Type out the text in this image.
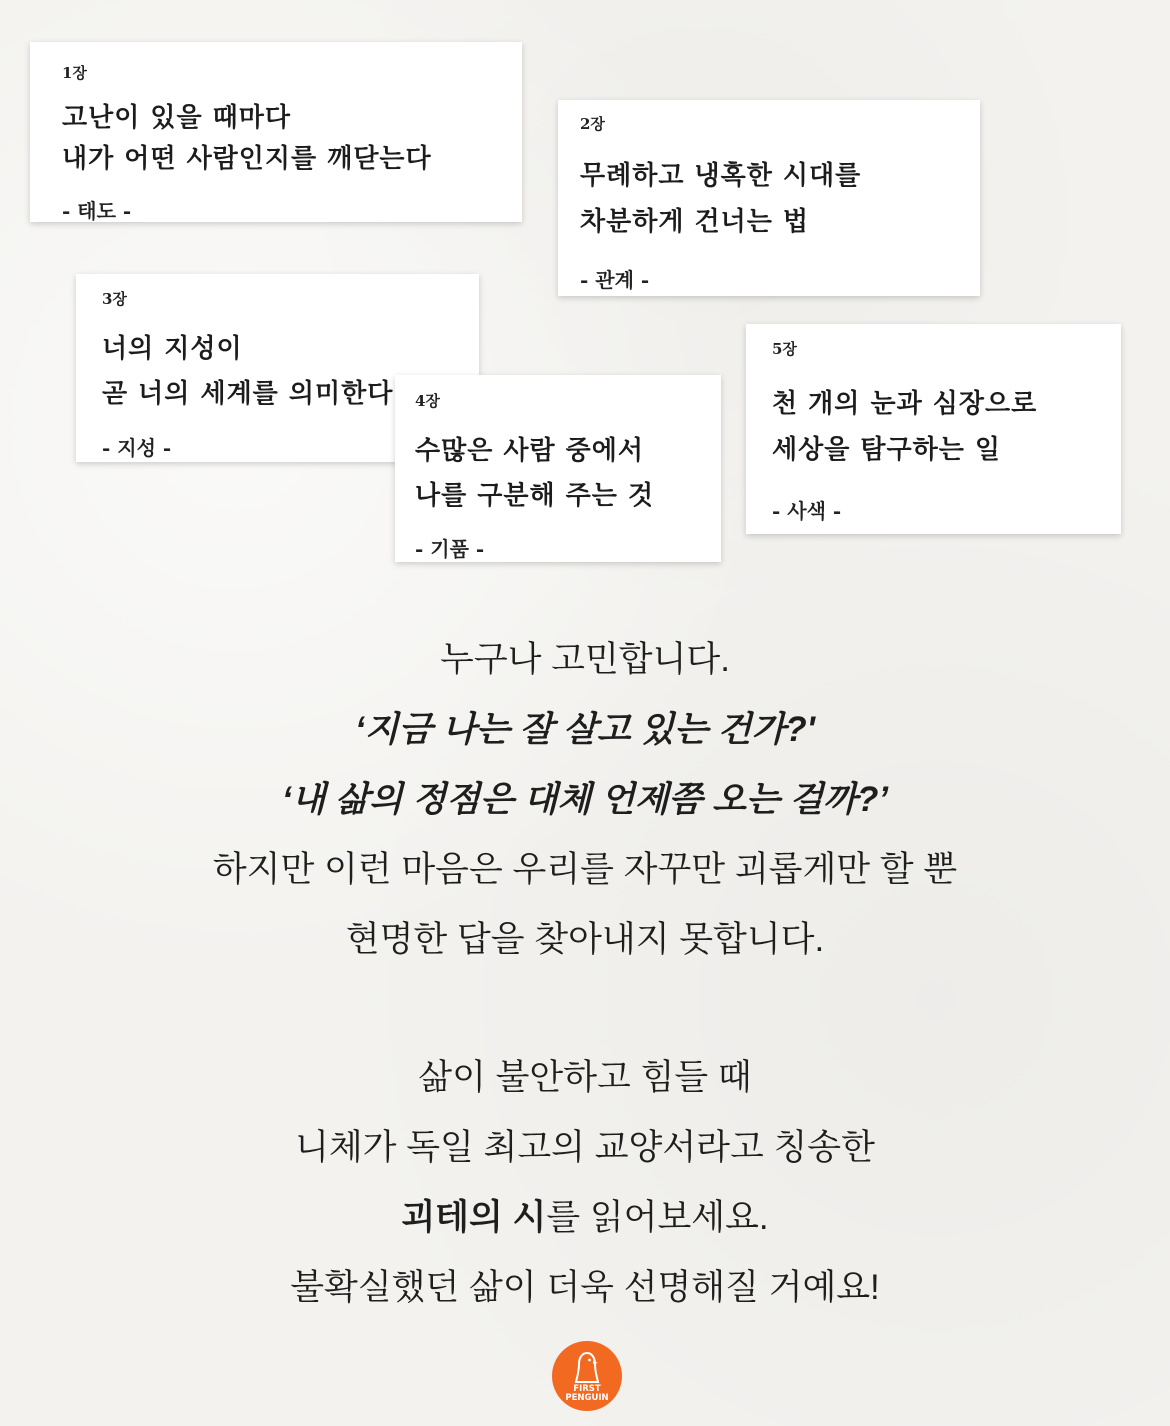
1장
고난이 있을 때마다
내가 어떤 사람인지를 깨닫는다
- 태도 -
2장
무례하고 냉혹한 시대를
차분하게 건너는 법
- 관계 -
3장
너의 지성이
곧 너의 세계를 의미한다
- 지성 -
4장
수많은 사람 중에서
나를 구분해 주는 것
- 기품 -
5장
천 개의 눈과 심장으로
세상을 탐구하는 일
- 사색 -
누구나 고민합니다.
‘지금 나는 잘 살고 있는 건가?'
‘내 삶의 정점은 대체 언제쯤 오는 걸까?’
하지만 이런 마음은 우리를 자꾸만 괴롭게만 할 뿐
현명한 답을 찾아내지 못합니다.
삶이 불안하고 힘들 때
니체가 독일 최고의 교양서라고 칭송한
괴테의 시를 읽어보세요.
불확실했던 삶이 더욱 선명해질 거예요!
FIRST
PENGUIN
